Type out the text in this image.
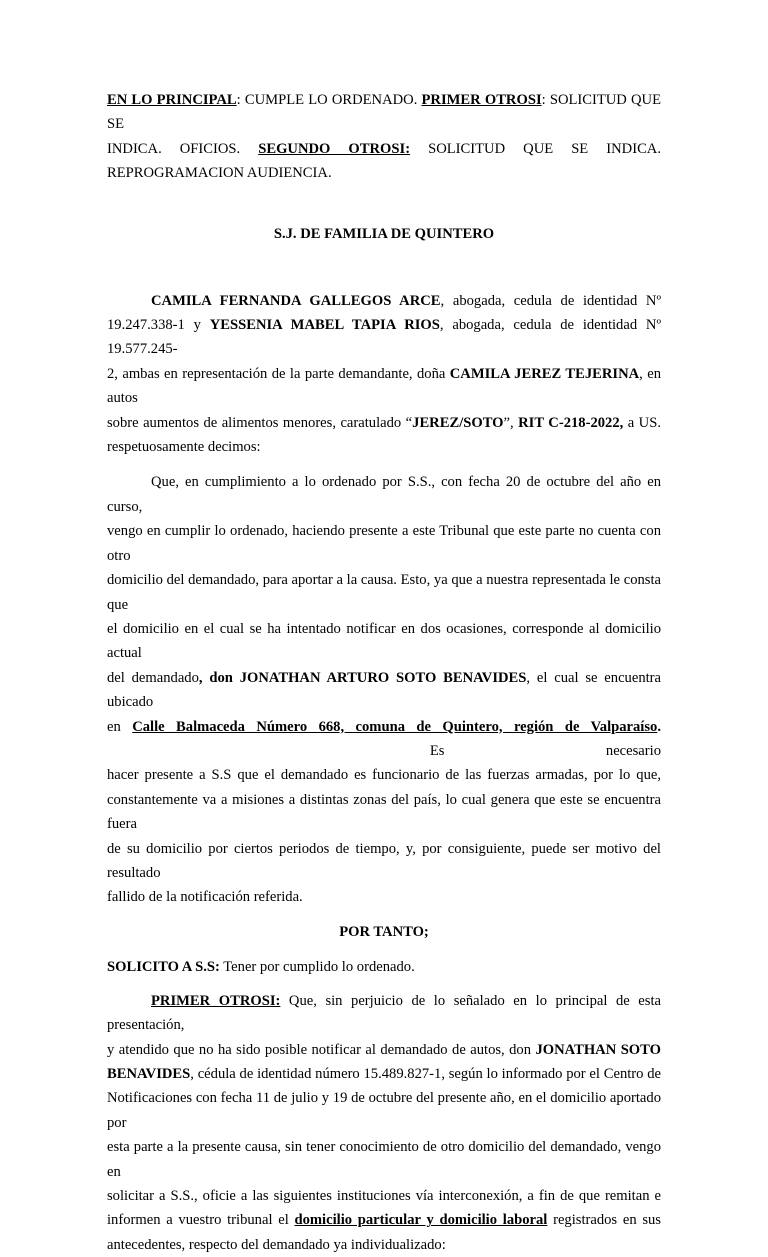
EN LO PRINCIPAL: CUMPLE LO ORDENADO. PRIMER OTROSI: SOLICITUD QUE SE

INDICA. OFICIOS. SEGUNDO OTROSI: SOLICITUD QUE SE INDICA.

REPROGRAMACION AUDIENCIA.

S.J. DE FAMILIA DE QUINTERO

CAMILA FERNANDA GALLEGOS ARCE, abogada, cedula de identidad Nº

19.247.338-1 y YESSENIA MABEL TAPIA RIOS, abogada, cedula de identidad Nº 19.577.245-

2, ambas en representación de la parte demandante, doña CAMILA JEREZ TEJERINA, en autos

sobre aumentos de alimentos menores, caratulado “JEREZ/SOTO”, RIT C-218-2022, a US.

respetuosamente decimos:

Que, en cumplimiento a lo ordenado por S.S., con fecha 20 de octubre del año en curso,

vengo en cumplir lo ordenado, haciendo presente a este Tribunal que este parte no cuenta con otro

domicilio del demandado, para aportar a la causa. Esto, ya que a nuestra representada le consta que

el domicilio en el cual se ha intentado notificar en dos ocasiones, corresponde al domicilio actual

del demandado, don JONATHAN ARTURO SOTO BENAVIDES, el cual se encuentra ubicado

en Calle Balmaceda Número 668, comuna de Quintero, región de Valparaíso.  Es necesario

hacer presente a S.S que el demandado es funcionario de las fuerzas armadas, por lo que,

constantemente va a misiones a distintas zonas del país, lo cual genera que este se encuentra fuera

de su domicilio por ciertos periodos de tiempo, y, por consiguiente, puede ser motivo del resultado

fallido de la notificación referida.

POR TANTO;

SOLICITO A S.S: Tener por cumplido lo ordenado.

PRIMER OTROSI: Que, sin perjuicio de lo señalado en lo principal de esta presentación,

y atendido que no ha sido posible notificar al demandado de autos, don JONATHAN SOTO

BENAVIDES, cédula de identidad número 15.489.827-1, según lo informado por el Centro de

Notificaciones con fecha 11 de julio y 19 de octubre del presente año, en el domicilio aportado por

esta parte a la presente causa, sin tener conocimiento de otro domicilio del demandado, vengo en

solicitar a S.S., oficie a las siguientes instituciones vía interconexión, a fin de que remitan e

informen a vuestro tribunal el domicilio particular y domicilio laboral registrados en sus

antecedentes, respecto del demandado ya individualizado:
